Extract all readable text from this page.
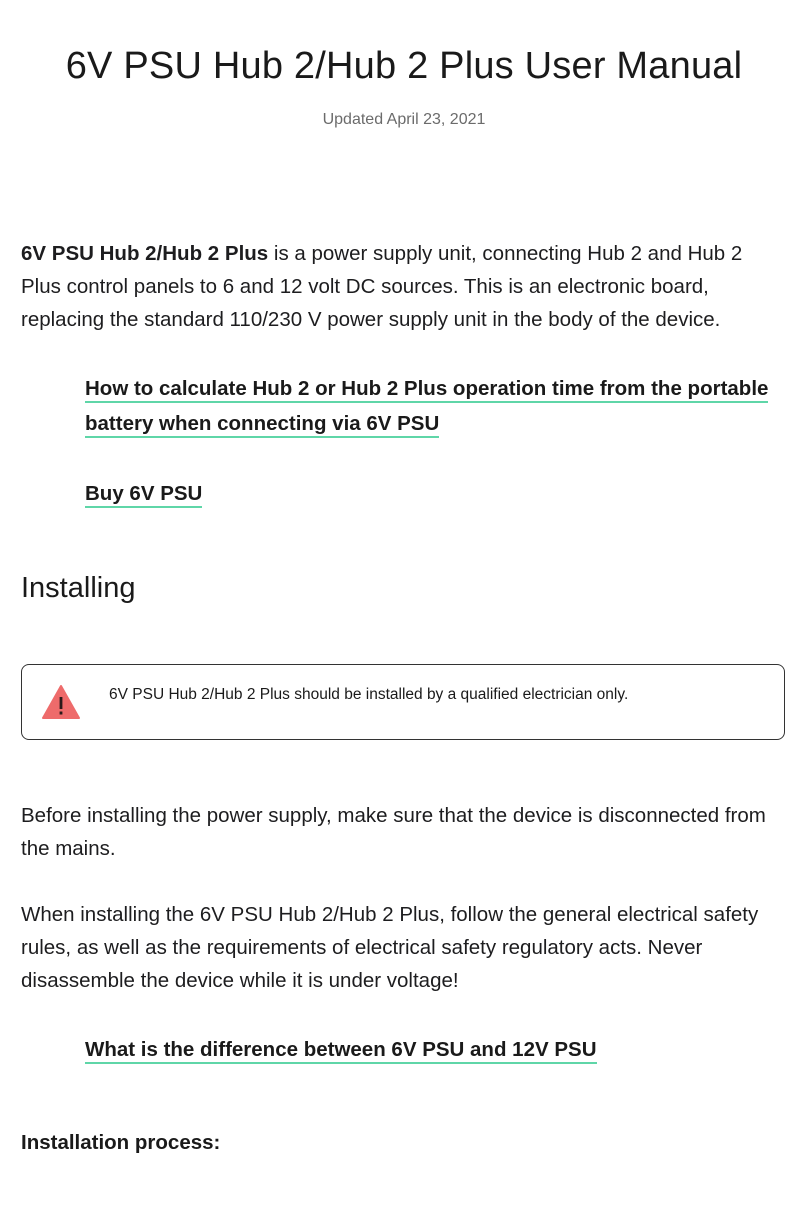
6V PSU Hub 2/Hub 2 Plus User Manual
Updated April 23, 2021

6V PSU Hub 2/Hub 2 Plus is a power supply unit, connecting Hub 2 and Hub 2 Plus control panels to 6 and 12 volt DC sources. This is an electronic board, replacing the standard 110/230 V power supply unit in the body of the device.

How to calculate Hub 2 or Hub 2 Plus operation time from the portable
battery when connecting via 6V PSU
Buy 6V PSU
Installing
6V PSU Hub 2/Hub 2 Plus should be installed by a qualified electrician only.

Before installing the power supply, make sure that the device is disconnected from the mains.

When installing the 6V PSU Hub 2/Hub 2 Plus, follow the general electrical safety rules, as well as the requirements of electrical safety regulatory acts. Never disassemble the device while it is under voltage!

What is the difference between 6V PSU and 12V PSU
Installation process:
